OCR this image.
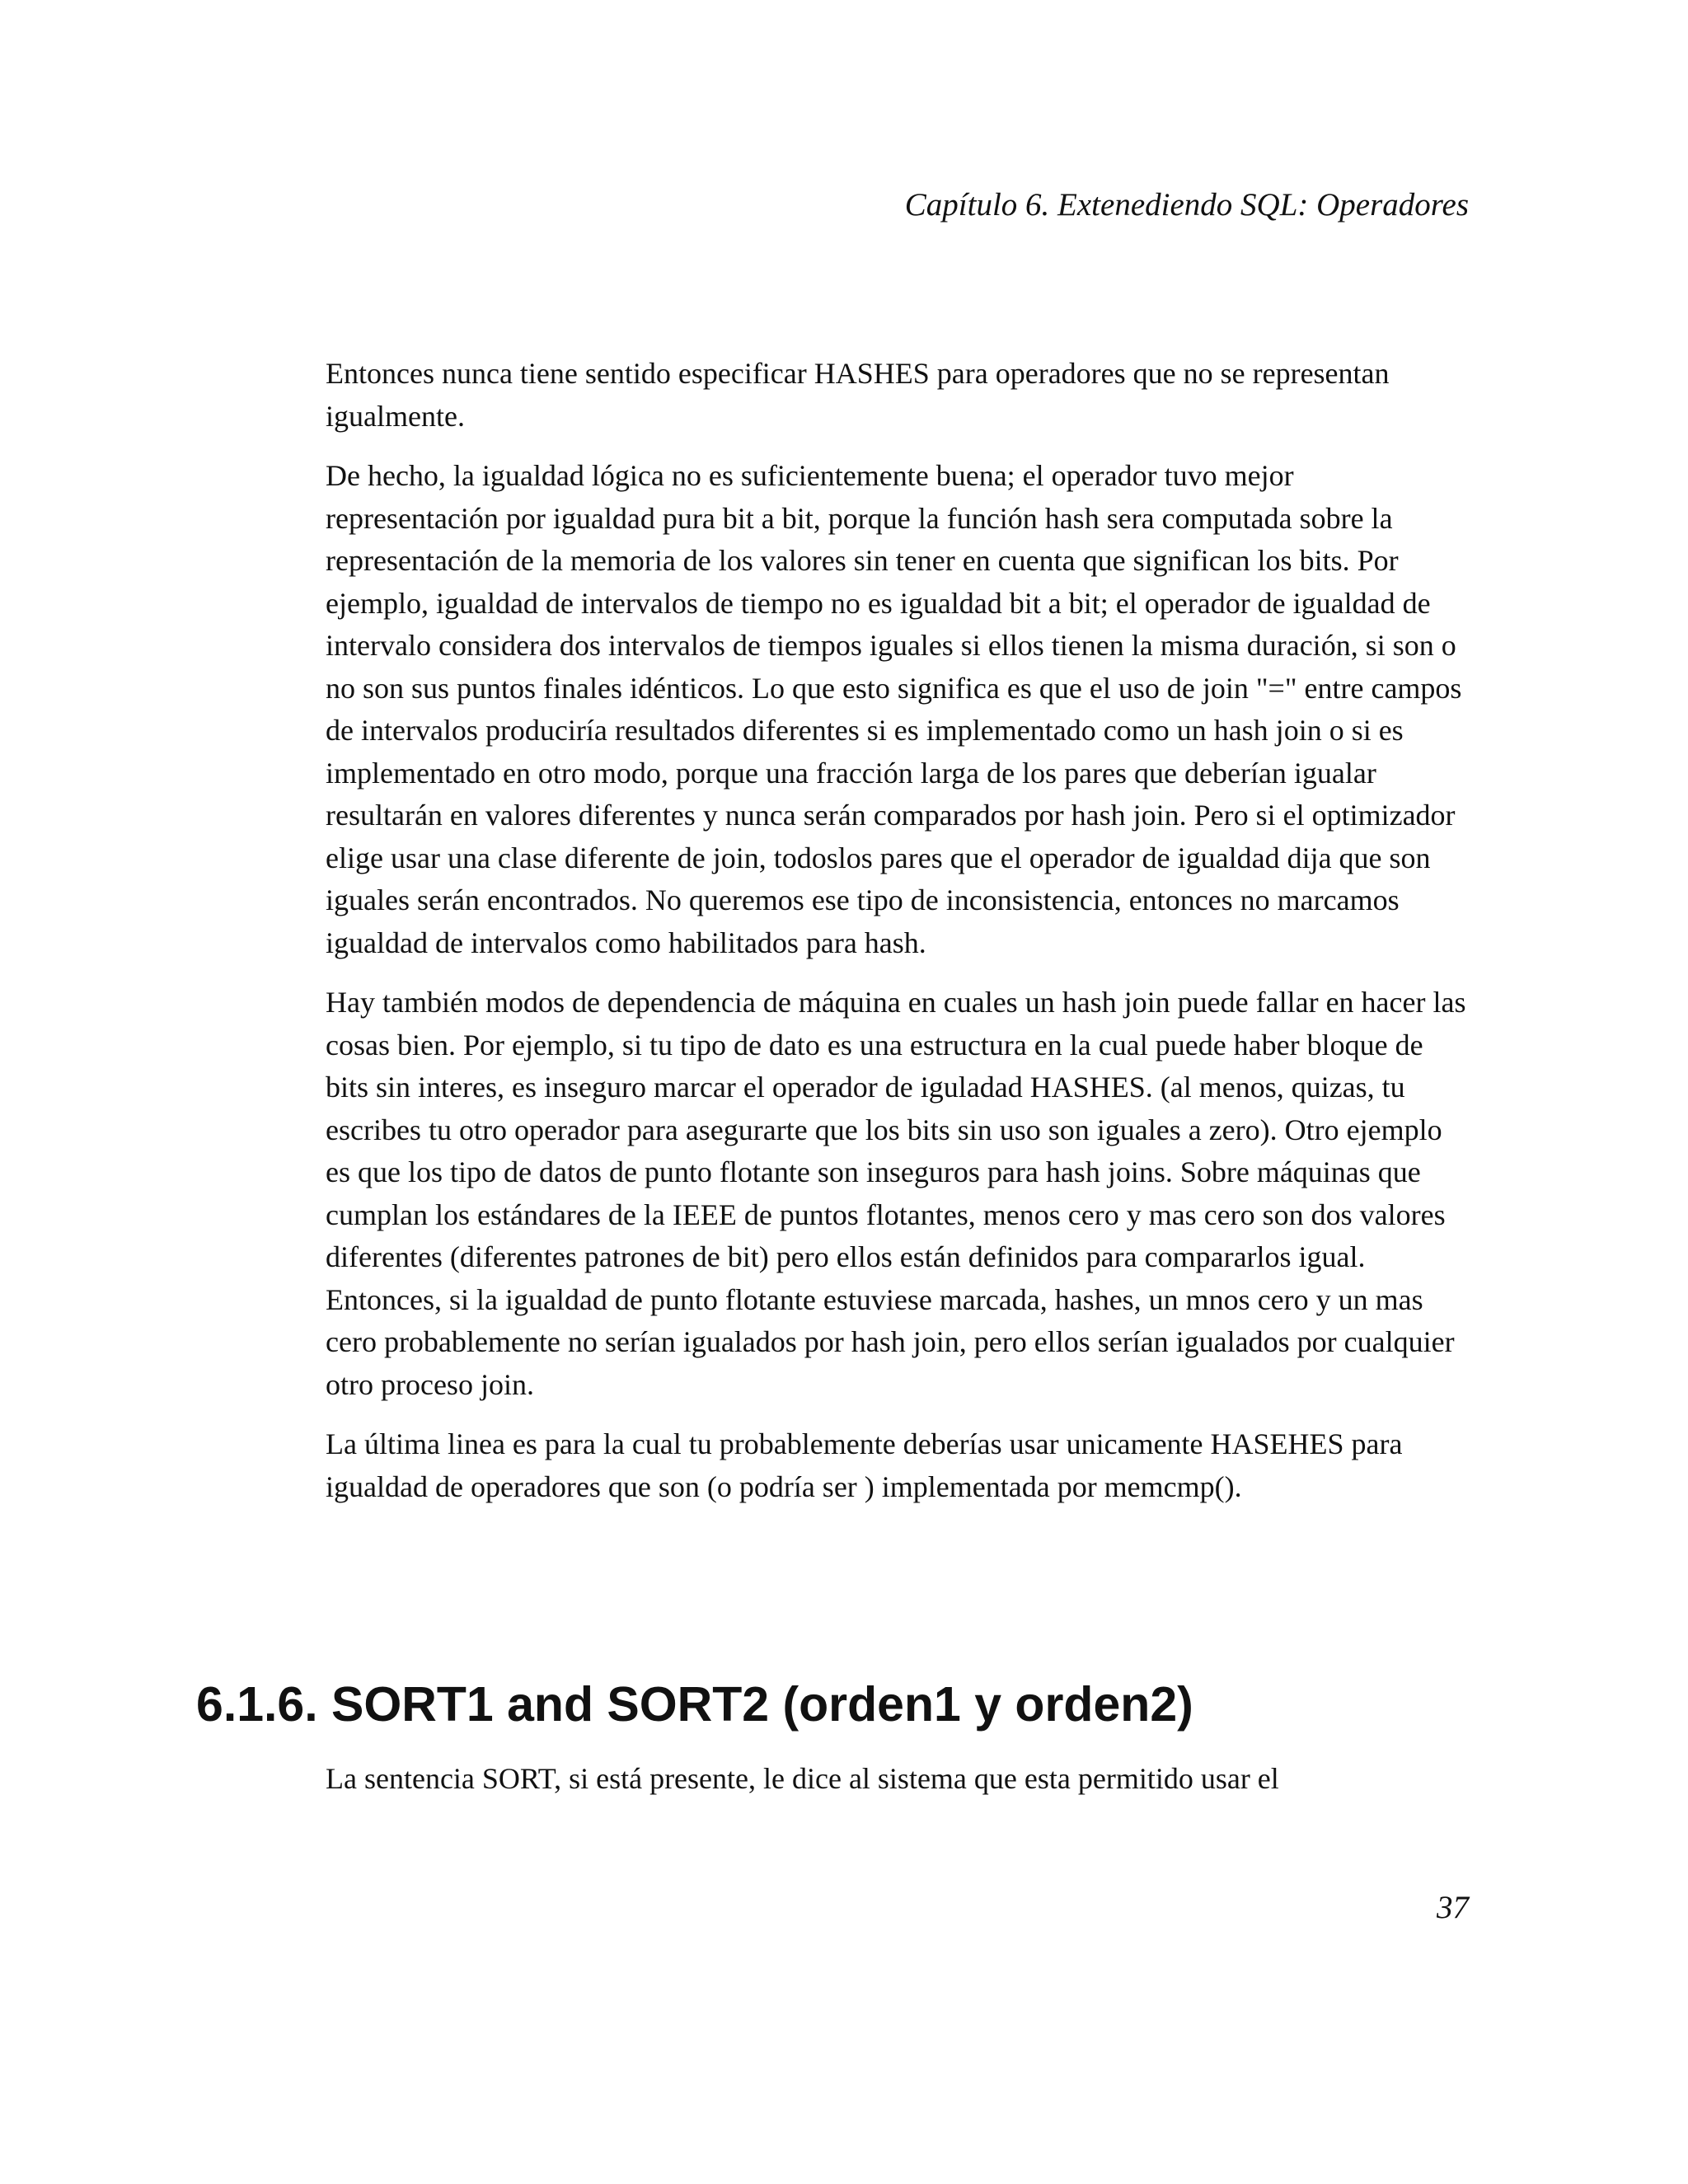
Capítulo 6. Extenediendo SQL: Operadores

Entonces nunca tiene sentido especificar HASHES para operadores que no se representan igualmente.

De hecho, la igualdad lógica no es suficientemente buena; el operador tuvo mejor representación por igualdad pura bit a bit, porque la función hash sera computada sobre la representación de la memoria de los valores sin tener en cuenta que significan los bits. Por ejemplo, igualdad de intervalos de tiempo no es igualdad bit a bit; el operador de igualdad de intervalo considera dos intervalos de tiempos iguales si ellos tienen la misma duración, si son o no son sus puntos finales idénticos. Lo que esto significa es que el uso de join "=" entre campos de intervalos produciría resultados diferentes si es implementado como un hash join o si es implementado en otro modo, porque una fracción larga de los pares que deberían igualar resultarán en valores diferentes y nunca serán comparados por hash join. Pero si el optimizador elige usar una clase diferente de join, todoslos pares que el operador de igualdad dija que son iguales serán encontrados. No queremos ese tipo de inconsistencia, entonces no marcamos igualdad de intervalos como habilitados para hash.

Hay también modos de dependencia de máquina en cuales un hash join puede fallar en hacer las cosas bien. Por ejemplo, si tu tipo de dato es una estructura en la cual puede haber bloque de bits sin interes, es inseguro marcar el operador de iguladad HASHES. (al menos, quizas, tu escribes tu otro operador para asegurarte que los bits sin uso son iguales a zero). Otro ejemplo es que los tipo de datos de punto flotante son inseguros para hash joins. Sobre máquinas que cumplan los estándares de la IEEE de puntos flotantes, menos cero y mas cero son dos valores diferentes (diferentes patrones de bit) pero ellos están definidos para compararlos igual. Entonces, si la igualdad de punto flotante estuviese marcada, hashes, un mnos cero y un mas cero probablemente no serían igualados por hash join, pero ellos serían igualados por cualquier otro proceso join.

La última linea es para la cual tu probablemente deberías usar unicamente HASEHES para igualdad de operadores que son (o podría ser ) implementada por memcmp().

6.1.6. SORT1 and SORT2 (orden1 y orden2)

La sentencia SORT, si está presente, le dice al sistema que esta permitido usar el

37
